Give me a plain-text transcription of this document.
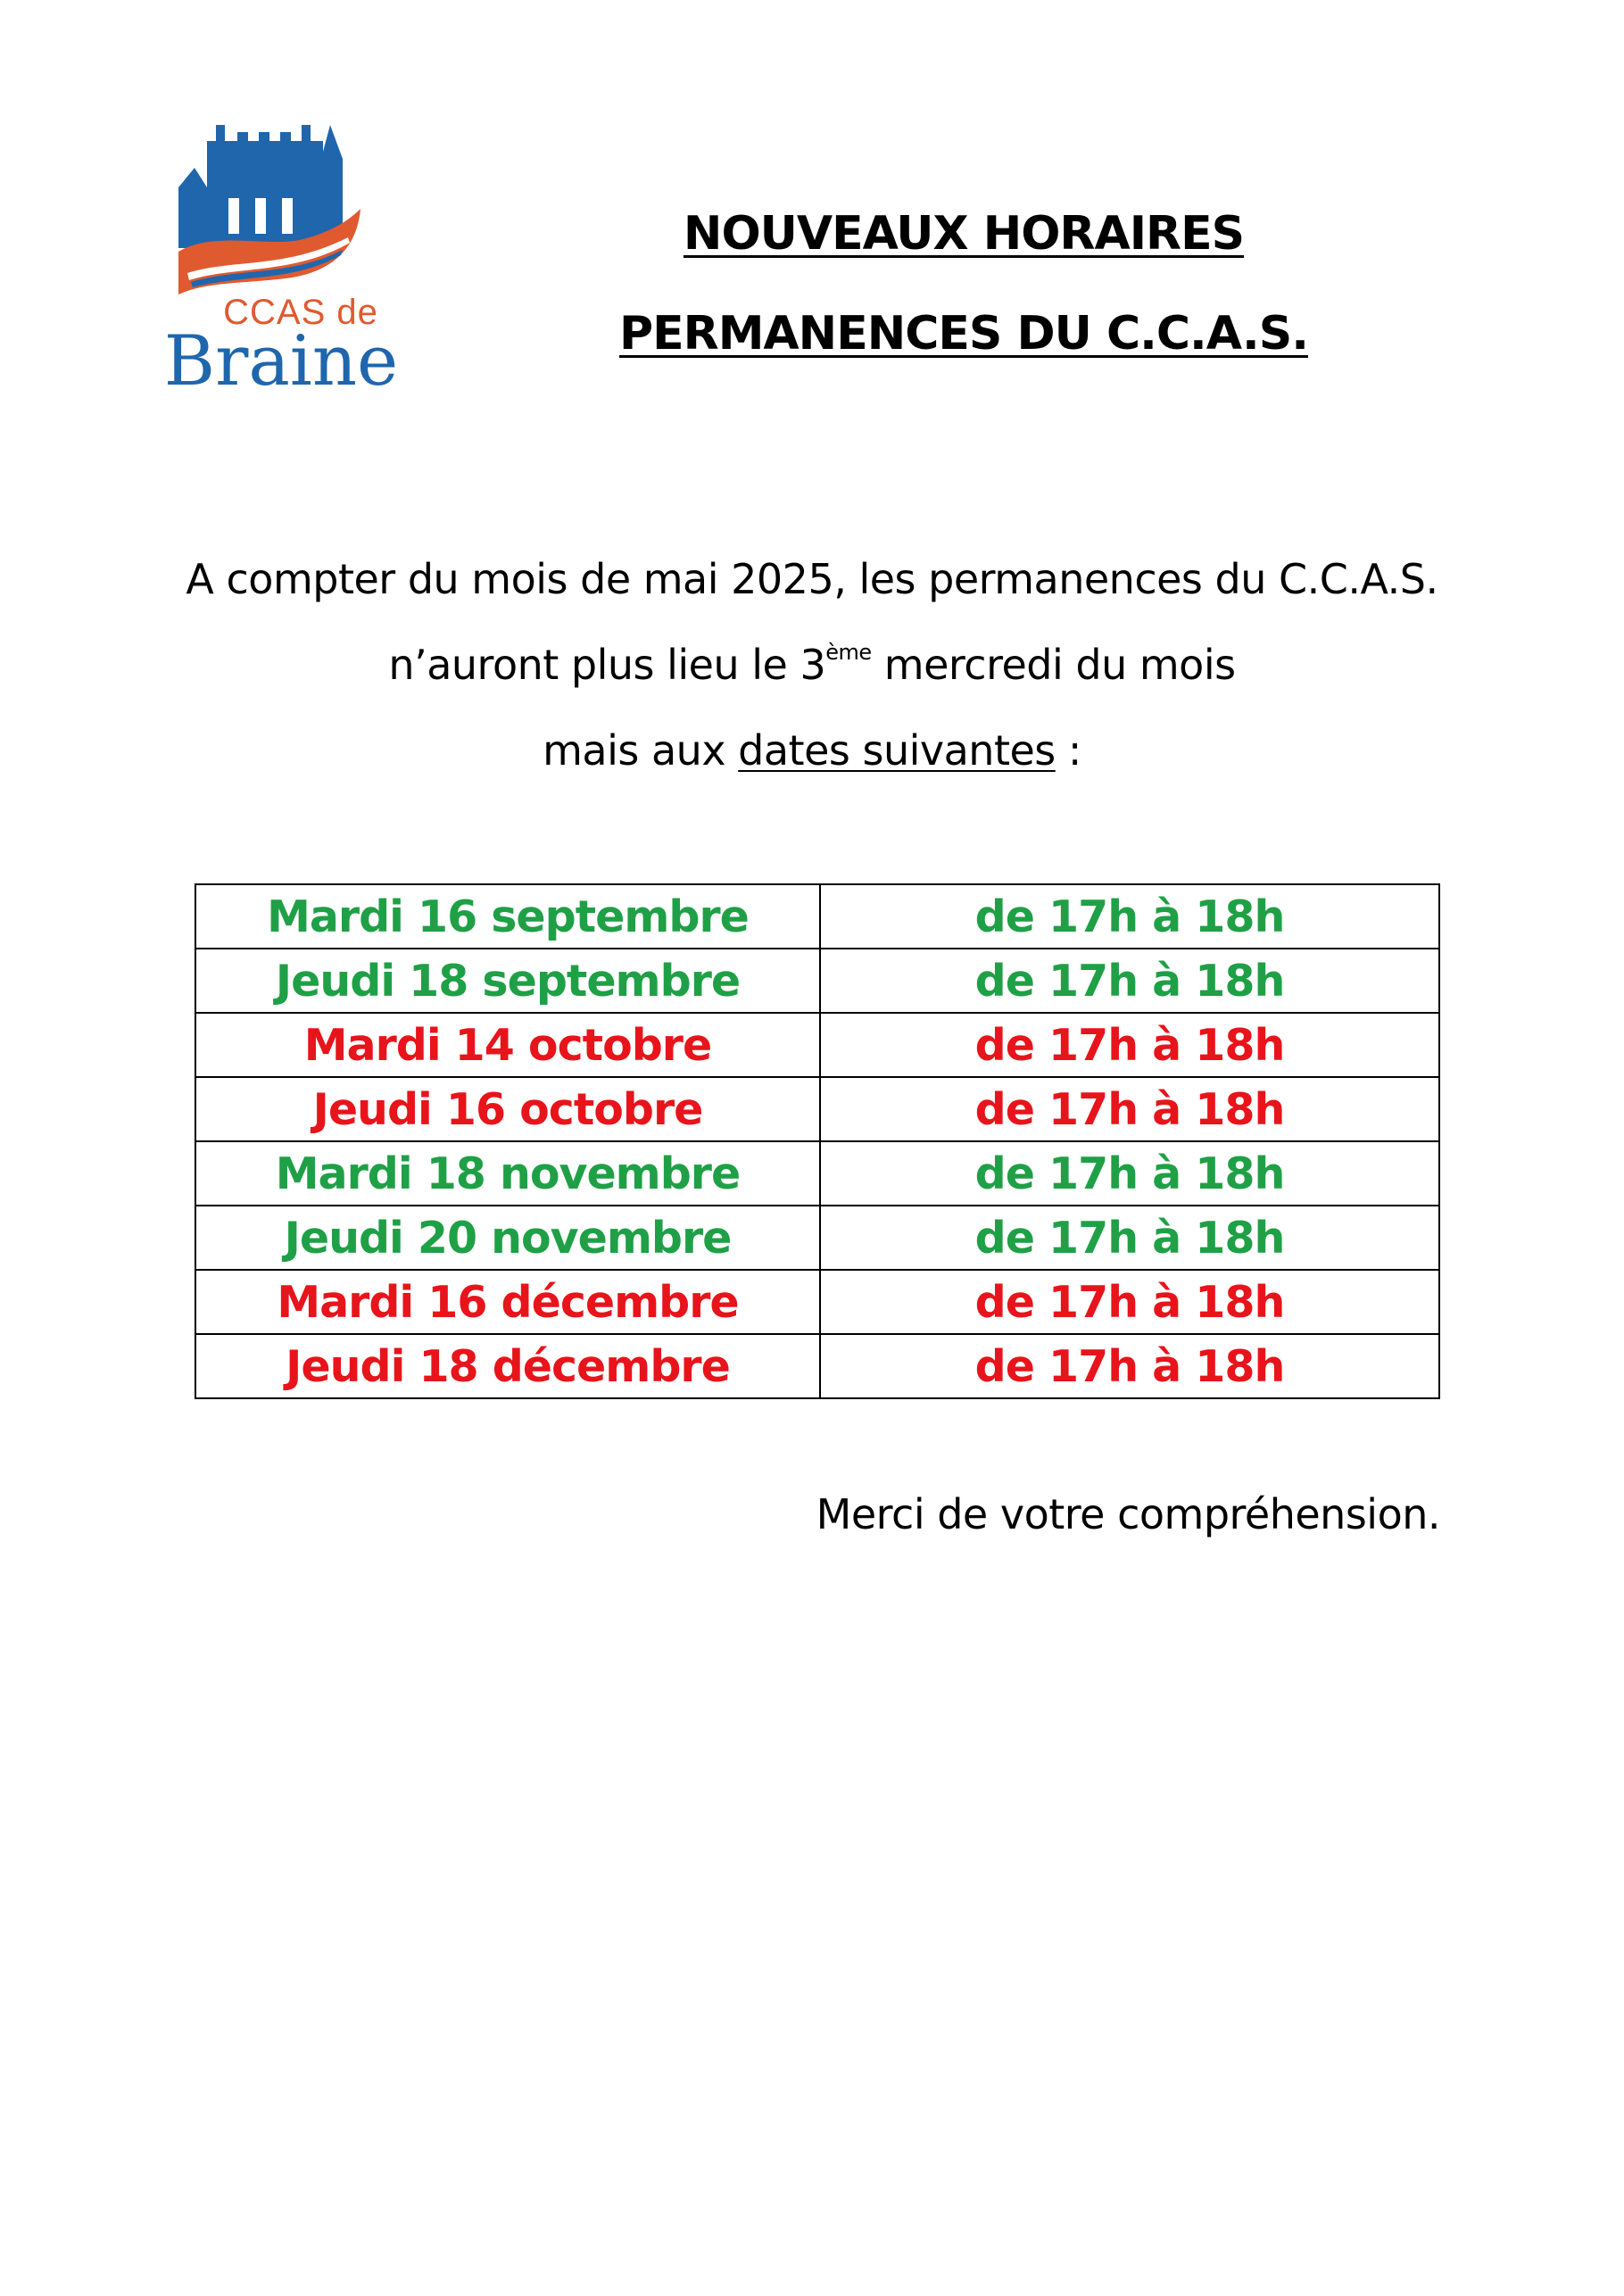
CCAS de
Braine
NOUVEAUX HORAIRES
PERMANENCES DU C.C.A.S.
A compter du mois de mai 2025, les permanences du C.C.A.S.
n’auront plus lieu le 3ème mercredi du mois
mais aux dates suivantes :
Mardi 16 septembre	de 17h à 18h
Jeudi 18 septembre	de 17h à 18h
Mardi 14 octobre	de 17h à 18h
Jeudi 16 octobre	de 17h à 18h
Mardi 18 novembre	de 17h à 18h
Jeudi 20 novembre	de 17h à 18h
Mardi 16 décembre	de 17h à 18h
Jeudi 18 décembre	de 17h à 18h
Merci de votre compréhension.
